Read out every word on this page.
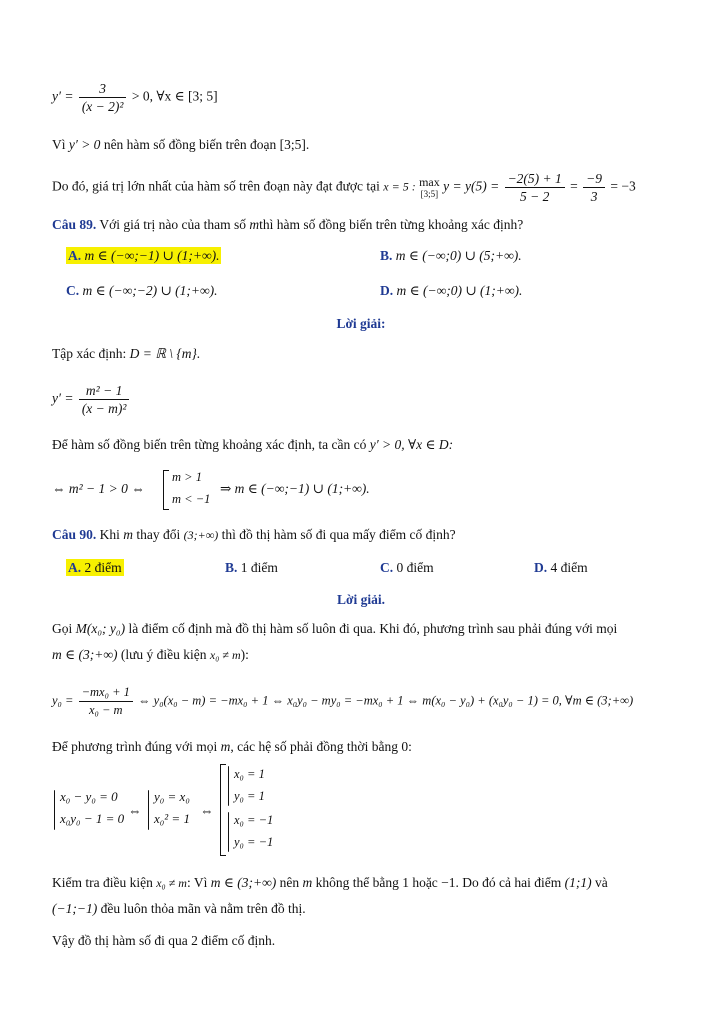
$y' = \frac{3}{\text{(x − 2)²}} > 0$, ∀x ∈ [3; 5]
Vì y′ > 0 nên hàm số đồng biến trên đoạn [3;5].
Do đó, giá trị lớn nhất của hàm số trên đoạn này đạt được tại x = 5 : max
[3;5] $y = y(5) = \frac{-2(5) + 1}{5 - 2} = \frac{-9}{3} = -3$
Câu 89. Với giá trị nào của tham số mthì hàm số đồng biến trên từng khoảng xác định?
A. m ∈ (−∞;−1) ∪ (1;+∞).	B. m ∈ (−∞;0) ∪ (5;+∞).
C. m ∈ (−∞;−2) ∪ (1;+∞).	D. m ∈ (−∞;0) ∪ (1;+∞).
Lời giải:
Tập xác định: D = ℝ \ {m}.
$y' = \frac{\text{m² − 1}}{\text{(x − m)²}}$
Để hàm số đồng biến trên từng khoảng xác định, ta cần có y′ > 0, ∀x ∈ D:
⇔ m² − 1 > 0 ⇔
m > 1
m < −1
⇒ m ∈ (−∞;−1) ∪ (1;+∞).
Câu 90. Khi m thay đổi (3;+∞) thì đồ thị hàm số đi qua mấy điểm cố định?
A. 2 điểm	B. 1 điểm	C. 0 điểm	D. 4 điểm
Lời giải.
Gọi M(x₀; y₀) là điểm cố định mà đồ thị hàm số luôn đi qua. Khi đó, phương trình sau phải đúng với mọi
m ∈ (3;+∞) (lưu ý điều kiện x₀ ≠ m):
$y_0 = \frac{\text{−mx₀ + 1}}{\text{x₀ − m}}$ ⇔ y₀(x₀ − m) = −mx₀ + 1 ⇔ x₀y₀ − my₀ = −mx₀ + 1 ⇔ m(x₀ − y₀) + (x₀y₀ − 1) = 0, ∀m ∈ (3;+∞)
Để phương trình đúng với mọi m, các hệ số phải đồng thời bằng 0:
x₀ − y₀ = 0
x₀y₀ − 1 = 0
⇔
y₀ = x₀
x₀² = 1
⇔
x₀ = 1
y₀ = 1
x₀ = −1
y₀ = −1
Kiểm tra điều kiện x₀ ≠ m: Vì m ∈ (3;+∞) nên m không thể bằng 1 hoặc −1. Do đó cả hai điểm (1;1) và
(−1;−1) đều luôn thỏa mãn và nằm trên đồ thị.
Vậy đồ thị hàm số đi qua 2 điểm cố định.
